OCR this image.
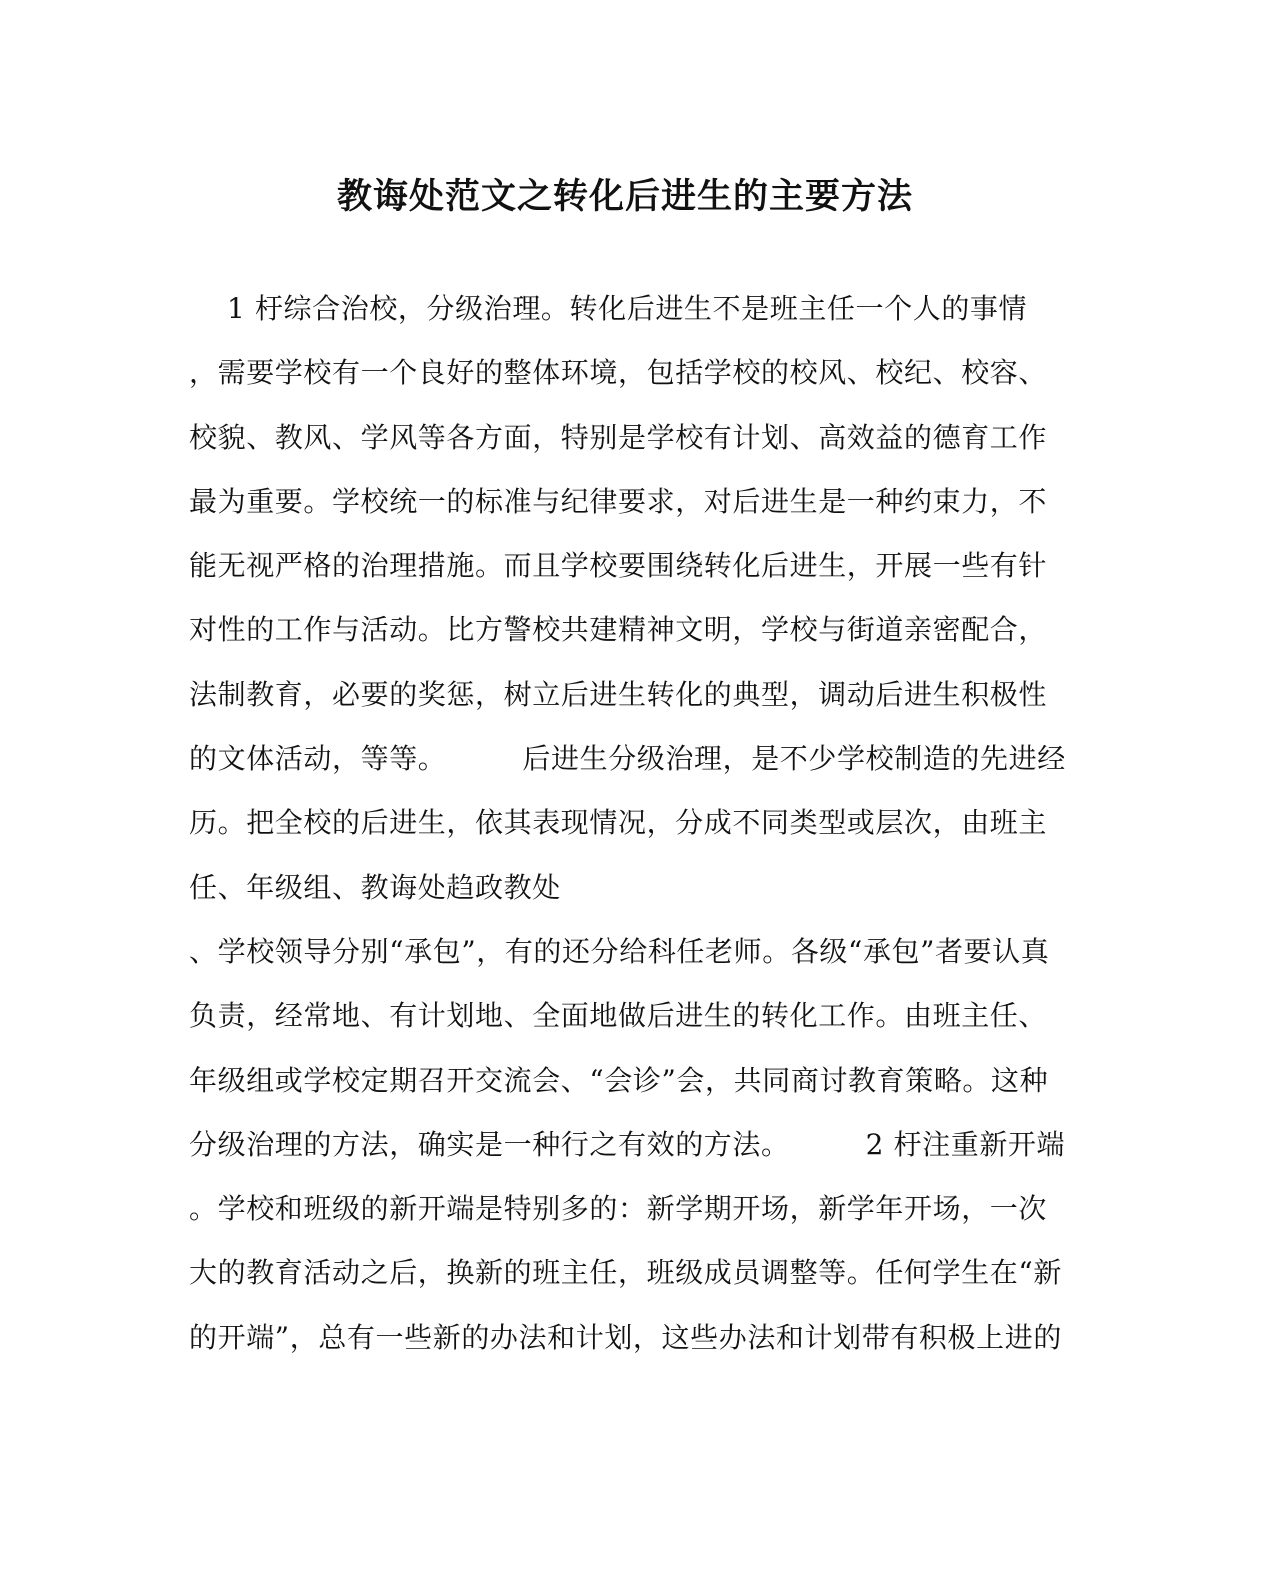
教诲处范文之转化后进生的主要方法
1 杅综合治校，分级治理。转化后进生不是班主任一个人的事情
，需要学校有一个良好的整体环境，包括学校的校风、校纪、校容、
校貌、教风、学风等各方面，特别是学校有计划、高效益的德育工作
最为重要。学校统一的标准与纪律要求，对后进生是一种约束力，不
能无视严格的治理措施。而且学校要围绕转化后进生，开展一些有针
对性的工作与活动。比方警校共建精神文明，学校与街道亲密配合，
法制教育，必要的奖惩，树立后进生转化的典型，调动后进生积极性
的文体活动，等等。        后进生分级治理，是不少学校制造的先进经
历。把全校的后进生，依其表现情况，分成不同类型或层次，由班主
任、年级组、教诲处趋政教处
、学校领导分别“承包”，有的还分给科任老师。各级“承包”者要认真
负责，经常地、有计划地、全面地做后进生的转化工作。由班主任、
年级组或学校定期召开交流会、“会诊”会，共同商讨教育策略。这种
分级治理的方法，确实是一种行之有效的方法。        2 杅注重新开端
。学校和班级的新开端是特别多的：新学期开场，新学年开场，一次
大的教育活动之后，换新的班主任，班级成员调整等。任何学生在“新
的开端”，总有一些新的办法和计划，这些办法和计划带有积极上进的
